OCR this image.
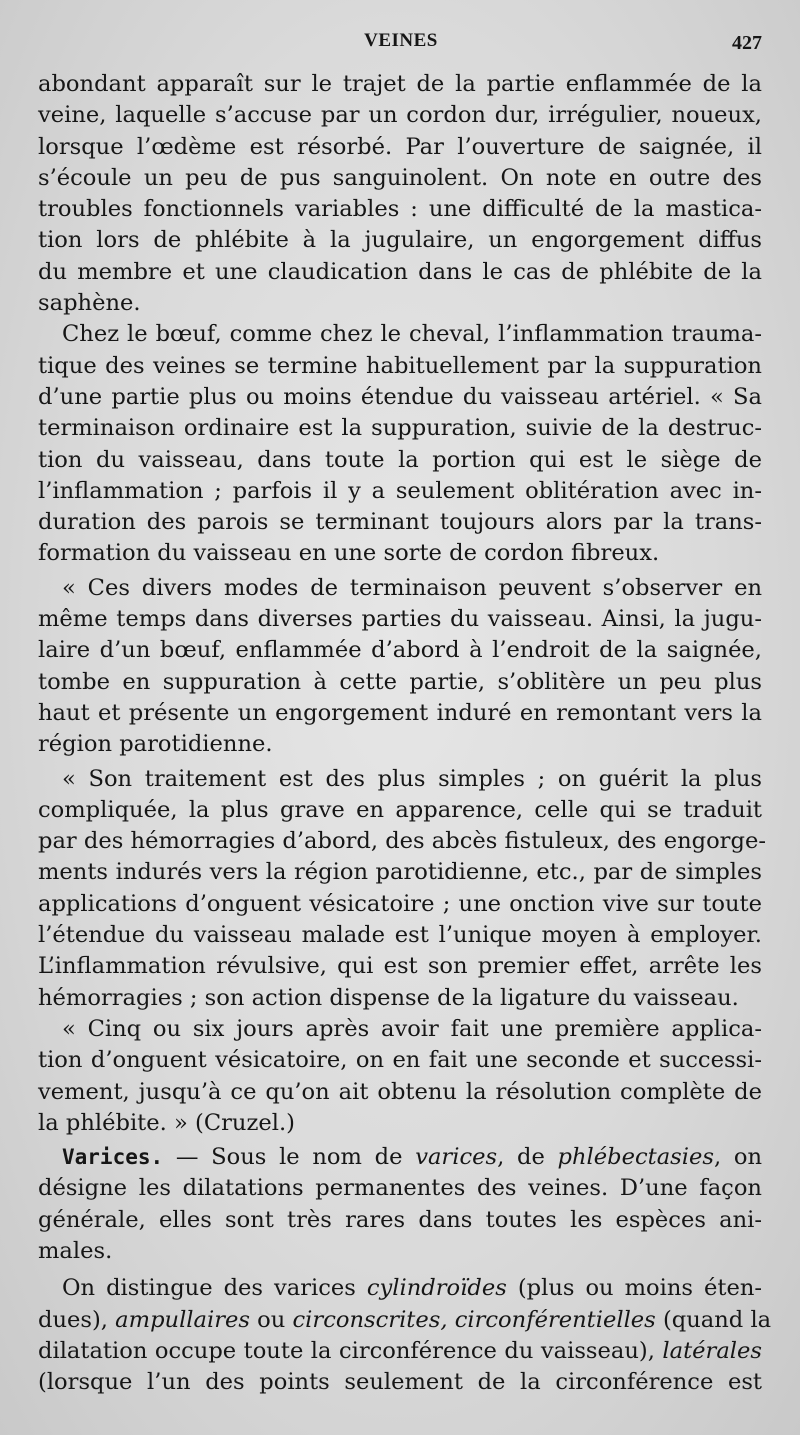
VEINES	427
abondant apparaît sur le trajet de la partie enflammée de la
veine, laquelle s’accuse par un cordon dur, irrégulier, noueux,
lorsque l’œdème est résorbé. Par l’ouverture de saignée, il
s’écoule un peu de pus sanguinolent. On note en outre des
troubles fonctionnels variables : une difficulté de la mastica-
tion lors de phlébite à la jugulaire, un engorgement diffus
du membre et une claudication dans le cas de phlébite de la
saphène.
Chez le bœuf, comme chez le cheval, l’inflammation trauma-
tique des veines se termine habituellement par la suppuration
d’une partie plus ou moins étendue du vaisseau artériel. « Sa
terminaison ordinaire est la suppuration, suivie de la destruc-
tion du vaisseau, dans toute la portion qui est le siège de
l’inflammation ; parfois il y a seulement oblitération avec in-
duration des parois se terminant toujours alors par la trans-
formation du vaisseau en une sorte de cordon fibreux.
« Ces divers modes de terminaison peuvent s’observer en
même temps dans diverses parties du vaisseau. Ainsi, la jugu-
laire d’un bœuf, enflammée d’abord à l’endroit de la saignée,
tombe en suppuration à cette partie, s’oblitère un peu plus
haut et présente un engorgement induré en remontant vers la
région parotidienne.
« Son traitement est des plus simples ; on guérit la plus
compliquée, la plus grave en apparence, celle qui se traduit
par des hémorragies d’abord, des abcès fistuleux, des engorge-
ments indurés vers la région parotidienne, etc., par de simples
applications d’onguent vésicatoire ; une onction vive sur toute
l’étendue du vaisseau malade est l’unique moyen à employer.
L’inflammation révulsive, qui est son premier effet, arrête les
hémorragies ; son action dispense de la ligature du vaisseau.
« Cinq ou six jours après avoir fait une première applica-
tion d’onguent vésicatoire, on en fait une seconde et successi-
vement, jusqu’à ce qu’on ait obtenu la résolution complète de
la phlébite. » (Cruzel.)
Varices. — Sous le nom de varices, de phlébectasies, on
désigne les dilatations permanentes des veines. D’une façon
générale, elles sont très rares dans toutes les espèces ani-
males.
On distingue des varices cylindroïdes (plus ou moins éten-
dues), ampullaires ou circonscrites, circonférentielles (quand la
dilatation occupe toute la circonférence du vaisseau), latérales
(lorsque l’un des points seulement de la circonférence est
